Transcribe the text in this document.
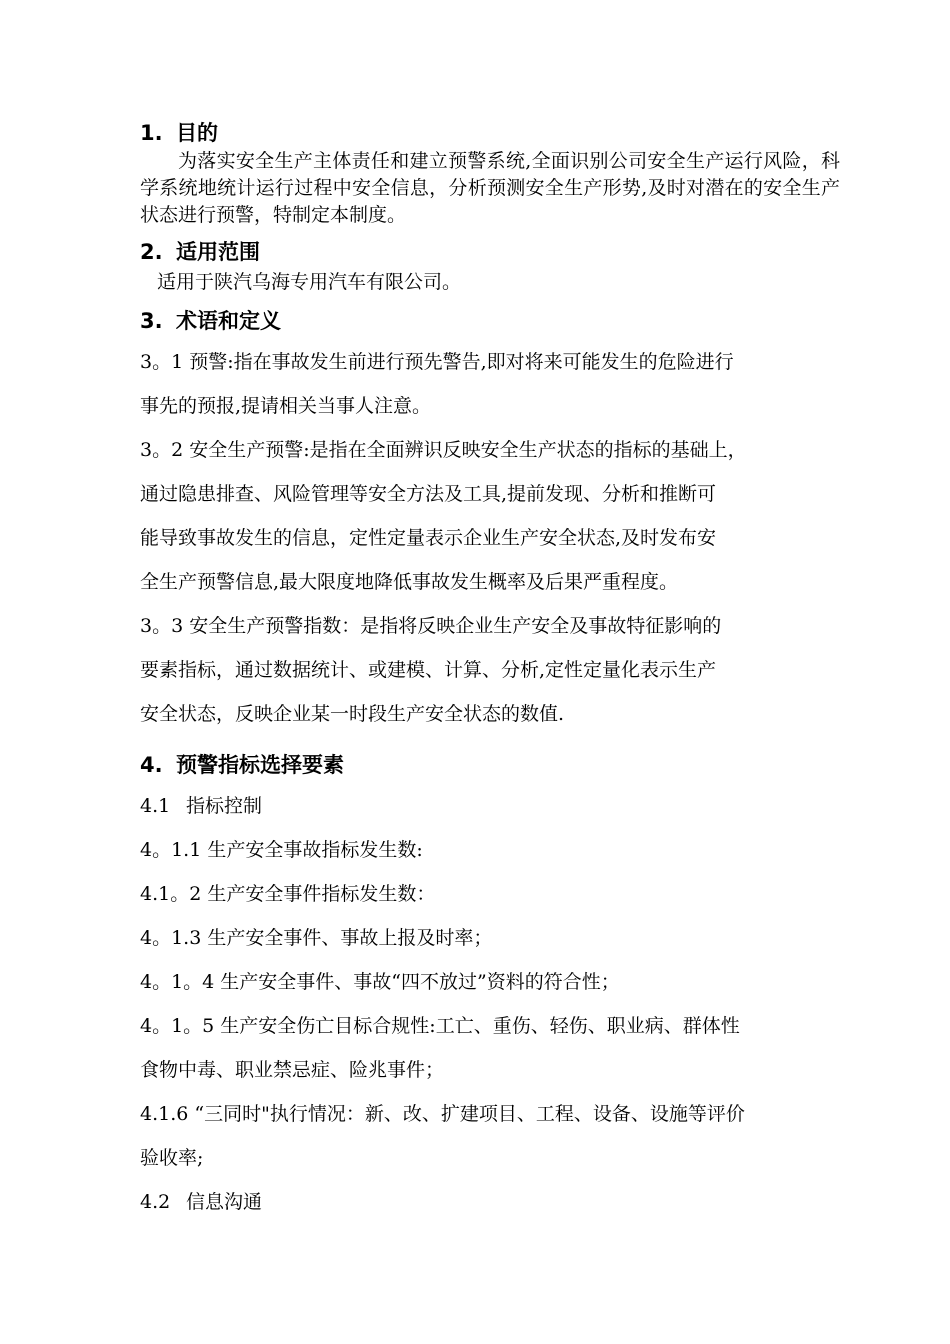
1. 目的

为落实安全生产主体责任和建立预警系统,全面识别公司安全生产运行风险，科学系统地统计运行过程中安全信息，分析预测安全生产形势,及时对潜在的安全生产状态进行预警，特制定本制度。

2. 适用范围

适用于陕汽乌海专用汽车有限公司。

3. 术语和定义

3。1 预警:指在事故发生前进行预先警告,即对将来可能发生的危险进行

事先的预报,提请相关当事人注意。

3。2 安全生产预警:是指在全面辨识反映安全生产状态的指标的基础上，

通过隐患排查、风险管理等安全方法及工具,提前发现、分析和推断可

能导致事故发生的信息，定性定量表示企业生产安全状态,及时发布安

全生产预警信息,最大限度地降低事故发生概率及后果严重程度。

3。3 安全生产预警指数：是指将反映企业生产安全及事故特征影响的

要素指标，通过数据统计、或建模、计算、分析,定性定量化表示生产

安全状态，反映企业某一时段生产安全状态的数值.

4. 预警指标选择要素

4.1 指标控制

4。1.1 生产安全事故指标发生数:

4.1。2 生产安全事件指标发生数：

4。1.3 生产安全事件、事故上报及时率；

4。1。4 生产安全事件、事故“四不放过”资料的符合性；

4。1。5 生产安全伤亡目标合规性:工亡、重伤、轻伤、职业病、群体性

食物中毒、职业禁忌症、险兆事件；

4.1.6 “三同时"执行情况：新、改、扩建项目、工程、设备、设施等评价

验收率;

4.2 信息沟通
